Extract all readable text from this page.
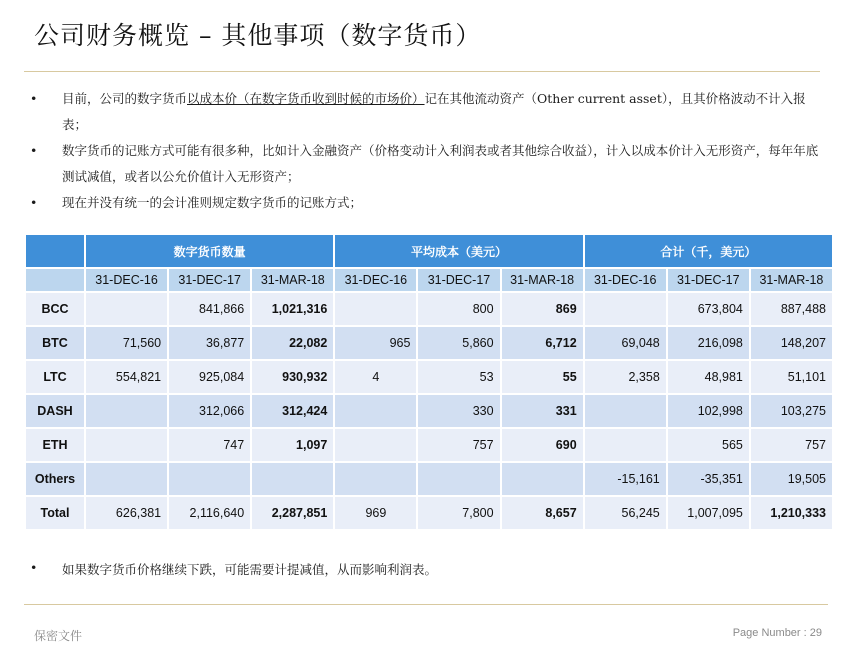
公司财务概览 – 其他事项（数字货币）
• 目前，公司的数字货币以成本价（在数字货币收到时候的市场价）记在其他流动资产（Other current asset），且其价格波动不计入报表；
• 数字货币的记账方式可能有很多种，比如计入金融资产（价格变动计入利润表或者其他综合收益），计入以成本价计入无形资产，每年年底测试减值，或者以公允价值计入无形资产；
• 现在并没有统一的会计准则规定数字货币的记账方式；
	数字货币数量			平均成本（美元）			合计（千，美元）		
	31-DEC-16	31-DEC-17	31-MAR-18	31-DEC-16	31-DEC-17	31-MAR-18	31-DEC-16	31-DEC-17	31-MAR-18
BCC		841,866	1,021,316		800	869		673,804	887,488
BTC	71,560	36,877	22,082	965	5,860	6,712	69,048	216,098	148,207
LTC	554,821	925,084	930,932	4	53	55	2,358	48,981	51,101
DASH		312,066	312,424		330	331		102,998	103,275
ETH		747	1,097		757	690		565	757
Others							-15,161	-35,351	19,505
Total	626,381	2,116,640	2,287,851	969	7,800	8,657	56,245	1,007,095	1,210,333
• 如果数字货币价格继续下跌，可能需要计提减值，从而影响利润表。
保密文件	Page Number : 29
